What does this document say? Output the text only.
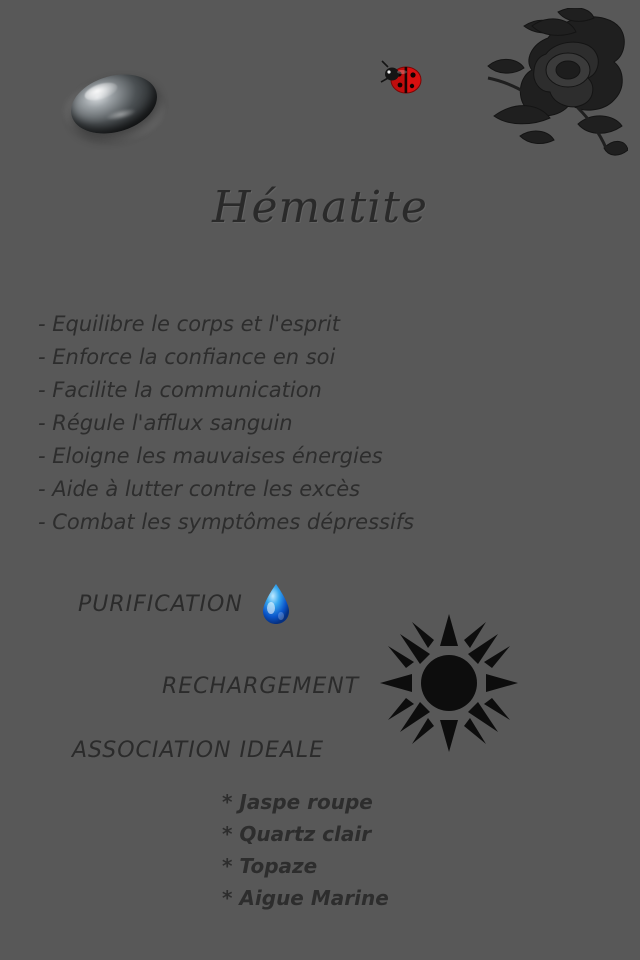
Hématite
- Equilibre le corps et l'esprit
- Enforce la confiance en soi
- Facilite la communication
- Régule l'afflux sanguin
- Eloigne les mauvaises énergies
- Aide à lutter contre les excès
- Combat les symptômes dépressifs
PURIFICATION
RECHARGEMENT
ASSOCIATION IDEALE
* Jaspe roupe
* Quartz clair
* Topaze
* Aigue Marine
